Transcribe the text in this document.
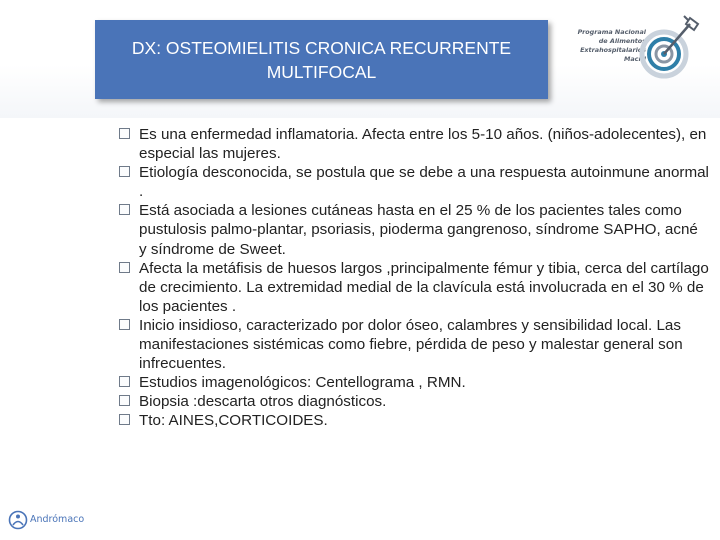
DX: OSTEOMIELITIS CRONICA RECURRENTE
MULTIFOCAL
Programa Nacional
de Alimentos
Extrahospitalarios
Macril
Es una enfermedad inflamatoria. Afecta entre los 5-10 años. (niños-adolecentes), en especial las mujeres.
Etiología desconocida, se postula que se debe a una respuesta autoinmune anormal .
Está asociada a lesiones cutáneas hasta en el 25 % de los pacientes tales como pustulosis palmo-plantar, psoriasis, pioderma gangrenoso, síndrome SAPHO, acné y síndrome de Sweet.
Afecta la metáfisis de huesos largos ,principalmente fémur y tibia, cerca del cartílago de crecimiento. La extremidad medial de la clavícula está involucrada en el 30 % de los pacientes .
Inicio insidioso, caracterizado por dolor óseo, calambres y sensibilidad local. Las manifestaciones sistémicas como fiebre, pérdida de peso y malestar general son infrecuentes.
Estudios imagenológicos: Centellograma , RMN.
Biopsia :descarta otros diagnósticos.
Tto: AINES,CORTICOIDES.
Andrómaco
